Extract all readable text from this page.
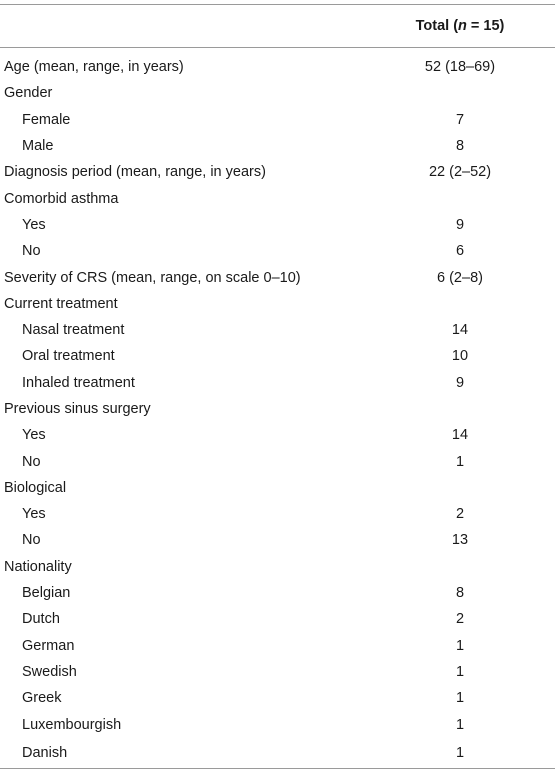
	Total (n = 15)
Age (mean, range, in years)	52 (18–69)
Gender	
Female	7
Male	8
Diagnosis period (mean, range, in years)	22 (2–52)
Comorbid asthma	
Yes	9
No	6
Severity of CRS (mean, range, on scale 0–10)	6 (2–8)
Current treatment	
Nasal treatment	14
Oral treatment	10
Inhaled treatment	9
Previous sinus surgery	
Yes	14
No	1
Biological	
Yes	2
No	13
Nationality	
Belgian	8
Dutch	2
German	1
Swedish	1
Greek	1
Luxembourgish	1
Danish	1
